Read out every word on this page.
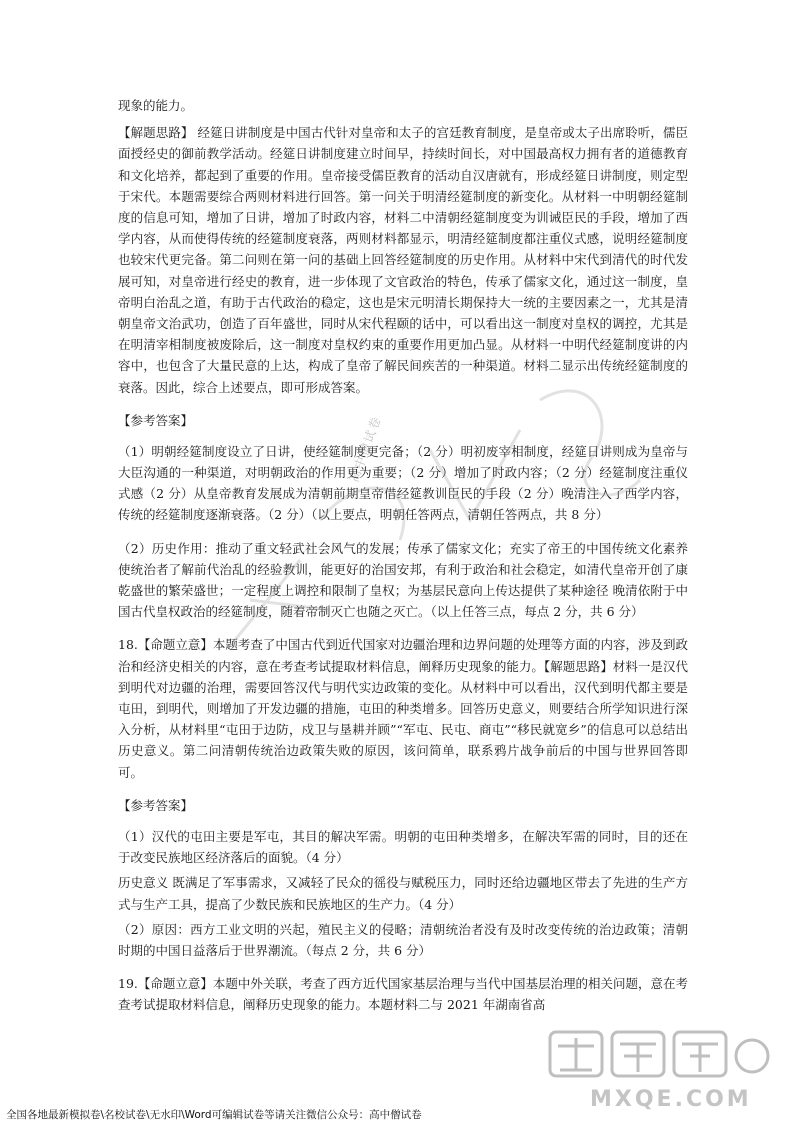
现象的能力。

【解题思路】 经筵日讲制度是中国古代针对皇帝和太子的宫廷教育制度，是皇帝或太子出席聆听，儒臣面授经史的御前教学活动。经筵日讲制度建立时间早，持续时间长，对中国最高权力拥有者的道德教育和文化培养，都起到了重要的作用。皇帝接受儒臣教育的活动自汉唐就有，形成经筵日讲制度，则定型于宋代。本题需要综合两则材料进行回答。第一问关于明清经筵制度的新变化。从材料一中明朝经筵制度的信息可知，增加了日讲，增加了时政内容，材料二中清朝经筵制度变为训诫臣民的手段，增加了西学内容，从而使得传统的经筵制度衰落，两则材料都显示，明清经筵制度都注重仪式感，说明经筵制度也较宋代更完备。第二问则在第一问的基础上回答经筵制度的历史作用。从材料中宋代到清代的时代发展可知，对皇帝进行经史的教育，进一步体现了文官政治的特色，传承了儒家文化，通过这一制度，皇帝明白治乱之道，有助于古代政治的稳定，这也是宋元明清长期保持大一统的主要因素之一，尤其是清朝皇帝文治武功，创造了百年盛世，同时从宋代程颐的话中，可以看出这一制度对皇权的调控，尤其是在明清宰相制度被废除后，这一制度对皇权约束的重要作用更加凸显。从材料一中明代经筵制度讲的内容中，也包含了大量民意的上达，构成了皇帝了解民间疾苦的一种渠道。材料二显示出传统经筵制度的衰落。因此，综合上述要点，即可形成答案。

【参考答案】

（1）明朝经筵制度设立了日讲，使经筵制度更完备；（2 分）明初废宰相制度，经筵日讲则成为皇帝与大臣沟通的一种渠道，对明朝政治的作用更为重要；（2 分）增加了时政内容；（2 分）经筵制度注重仪式感（2 分）从皇帝教育发展成为清朝前期皇帝借经筵教训臣民的手段（2 分）晚清注入了西学内容，传统的经筵制度逐渐衰落。（2 分）（以上要点，明朝任答两点，清朝任答两点，共 8 分）

（2）历史作用：推动了重文轻武社会风气的发展；传承了儒家文化；充实了帝王的中国传统文化素养 使统治者了解前代治乱的经验教训，能更好的治国安邦，有利于政治和社会稳定，如清代皇帝开创了康乾盛世的繁荣盛世；一定程度上调控和限制了皇权；为基层民意向上传达提供了某种途径 晚清依附于中国古代皇权政治的经筵制度，随着帝制灭亡也随之灭亡。（以上任答三点，每点 2 分，共 6 分）

18.【命题立意】本题考查了中国古代到近代国家对边疆治理和边界问题的处理等方面的内容，涉及到政治和经济史相关的内容，意在考查考试提取材料信息，阐释历史现象的能力。【解题思路】材料一是汉代到明代对边疆的治理，需要回答汉代与明代实边政策的变化。从材料中可以看出，汉代到明代都主要是屯田，到明代，则增加了开发边疆的措施，屯田的种类增多。回答历史意义，则要结合所学知识进行深入分析，从材料里“屯田于边防，戍卫与垦耕并顾”“军屯、民屯、商屯”“移民就宽乡”的信息可以总结出历史意义。第二问清朝传统治边政策失败的原因，该问简单，联系鸦片战争前后的中国与世界回答即可。

【参考答案】

（1）汉代的屯田主要是军屯，其目的解决军需。明朝的屯田种类增多，在解决军需的同时，目的还在于改变民族地区经济落后的面貌。（4 分）

历史意义 既满足了军事需求，又减轻了民众的徭役与赋税压力，同时还给边疆地区带去了先进的生产方式与生产工具，提高了少数民族和民族地区的生产力。（4 分）

（2）原因：西方工业文明的兴起，殖民主义的侵略；清朝统治者没有及时改变传统的治边政策；清朝时期的中国日益落后于世界潮流。（每点 2 分，共 6 分）

19.【命题立意】本题中外关联，考查了西方近代国家基层治理与当代中国基层治理的相关问题，意在考查考试提取材料信息，阐释历史现象的能力。本题材料二与 2021 年湖南省高

高中僧试卷
MXQE.COM
全国各地最新模拟卷\名校试卷\无水印\Word可编辑试卷等请关注微信公众号：高中僧试卷
